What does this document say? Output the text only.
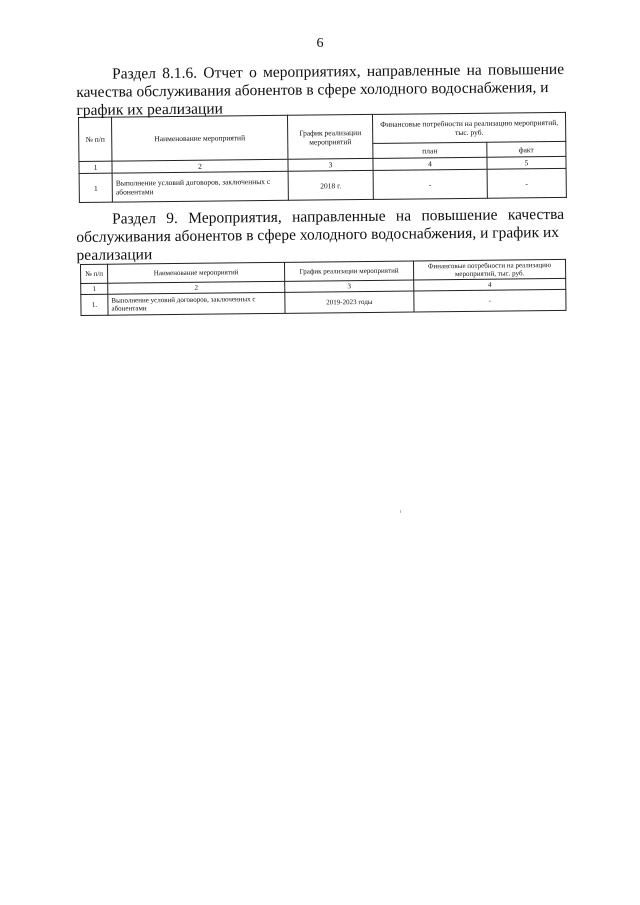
6
Раздел 8.1.6. Отчет о мероприятиях, направленные на повышение качества обслуживания абонентов в сфере холодного водоснабжения, и
график их реализации
№ п/п	Наименование мероприятий	График реализации мероприятий	Финансовые потребности на реализацию мероприятий, тыс. руб.	
			план	факт
1	2	3	4	5
1	Выполнение условий договоров, заключенных с абонентами	2018 г.	-	-
Раздел 9. Мероприятия, направленные на повышение качества обслуживания абонентов в сфере холодного водоснабжения, и график их
реализации
№ п/п	Наименование мероприятий	График реализации мероприятий	Финансовые потребности на реализацию мероприятий, тыс. руб.
1	2	3	4
1.	Выполнение условий договоров, заключенных с абонентами	2019-2023 годы	-
